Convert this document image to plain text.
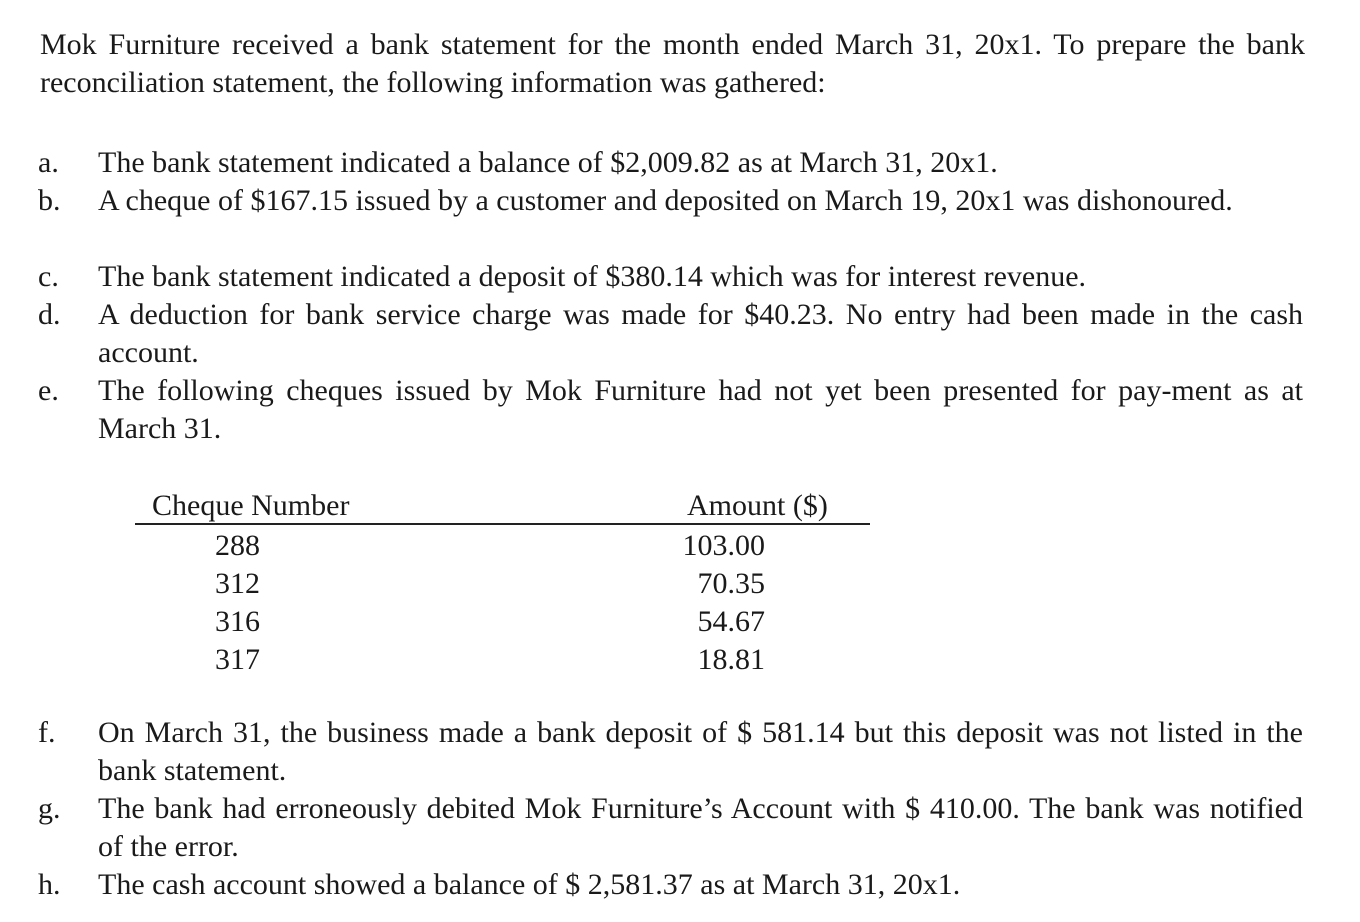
Mok Furniture received a bank statement for the month ended March 31, 20x1. To prepare the bank reconciliation statement, the following information was gathered:
a.	The bank statement indicated a balance of $2,009.82 as at March 31, 20x1.
b.	A cheque of $167.15 issued by a customer and deposited on March 19, 20x1 was dishonoured.
c.	The bank statement indicated a deposit of $380.14 which was for interest revenue.
d.	A deduction for bank service charge was made for $40.23. No entry had been made in the cash account.
e.	The following cheques issued by Mok Furniture had not yet been presented for pay-ment as at March 31.
Cheque Number	Amount ($)
288	103.00
312	70.35
316	54.67
317	18.81
f.	On March 31, the business made a bank deposit of $ 581.14 but this deposit was not listed in the bank statement.
g.	The bank had erroneously debited Mok Furniture’s Account with $ 410.00. The bank was notified of the error.
h.	The cash account showed a balance of $ 2,581.37 as at March 31, 20x1.
